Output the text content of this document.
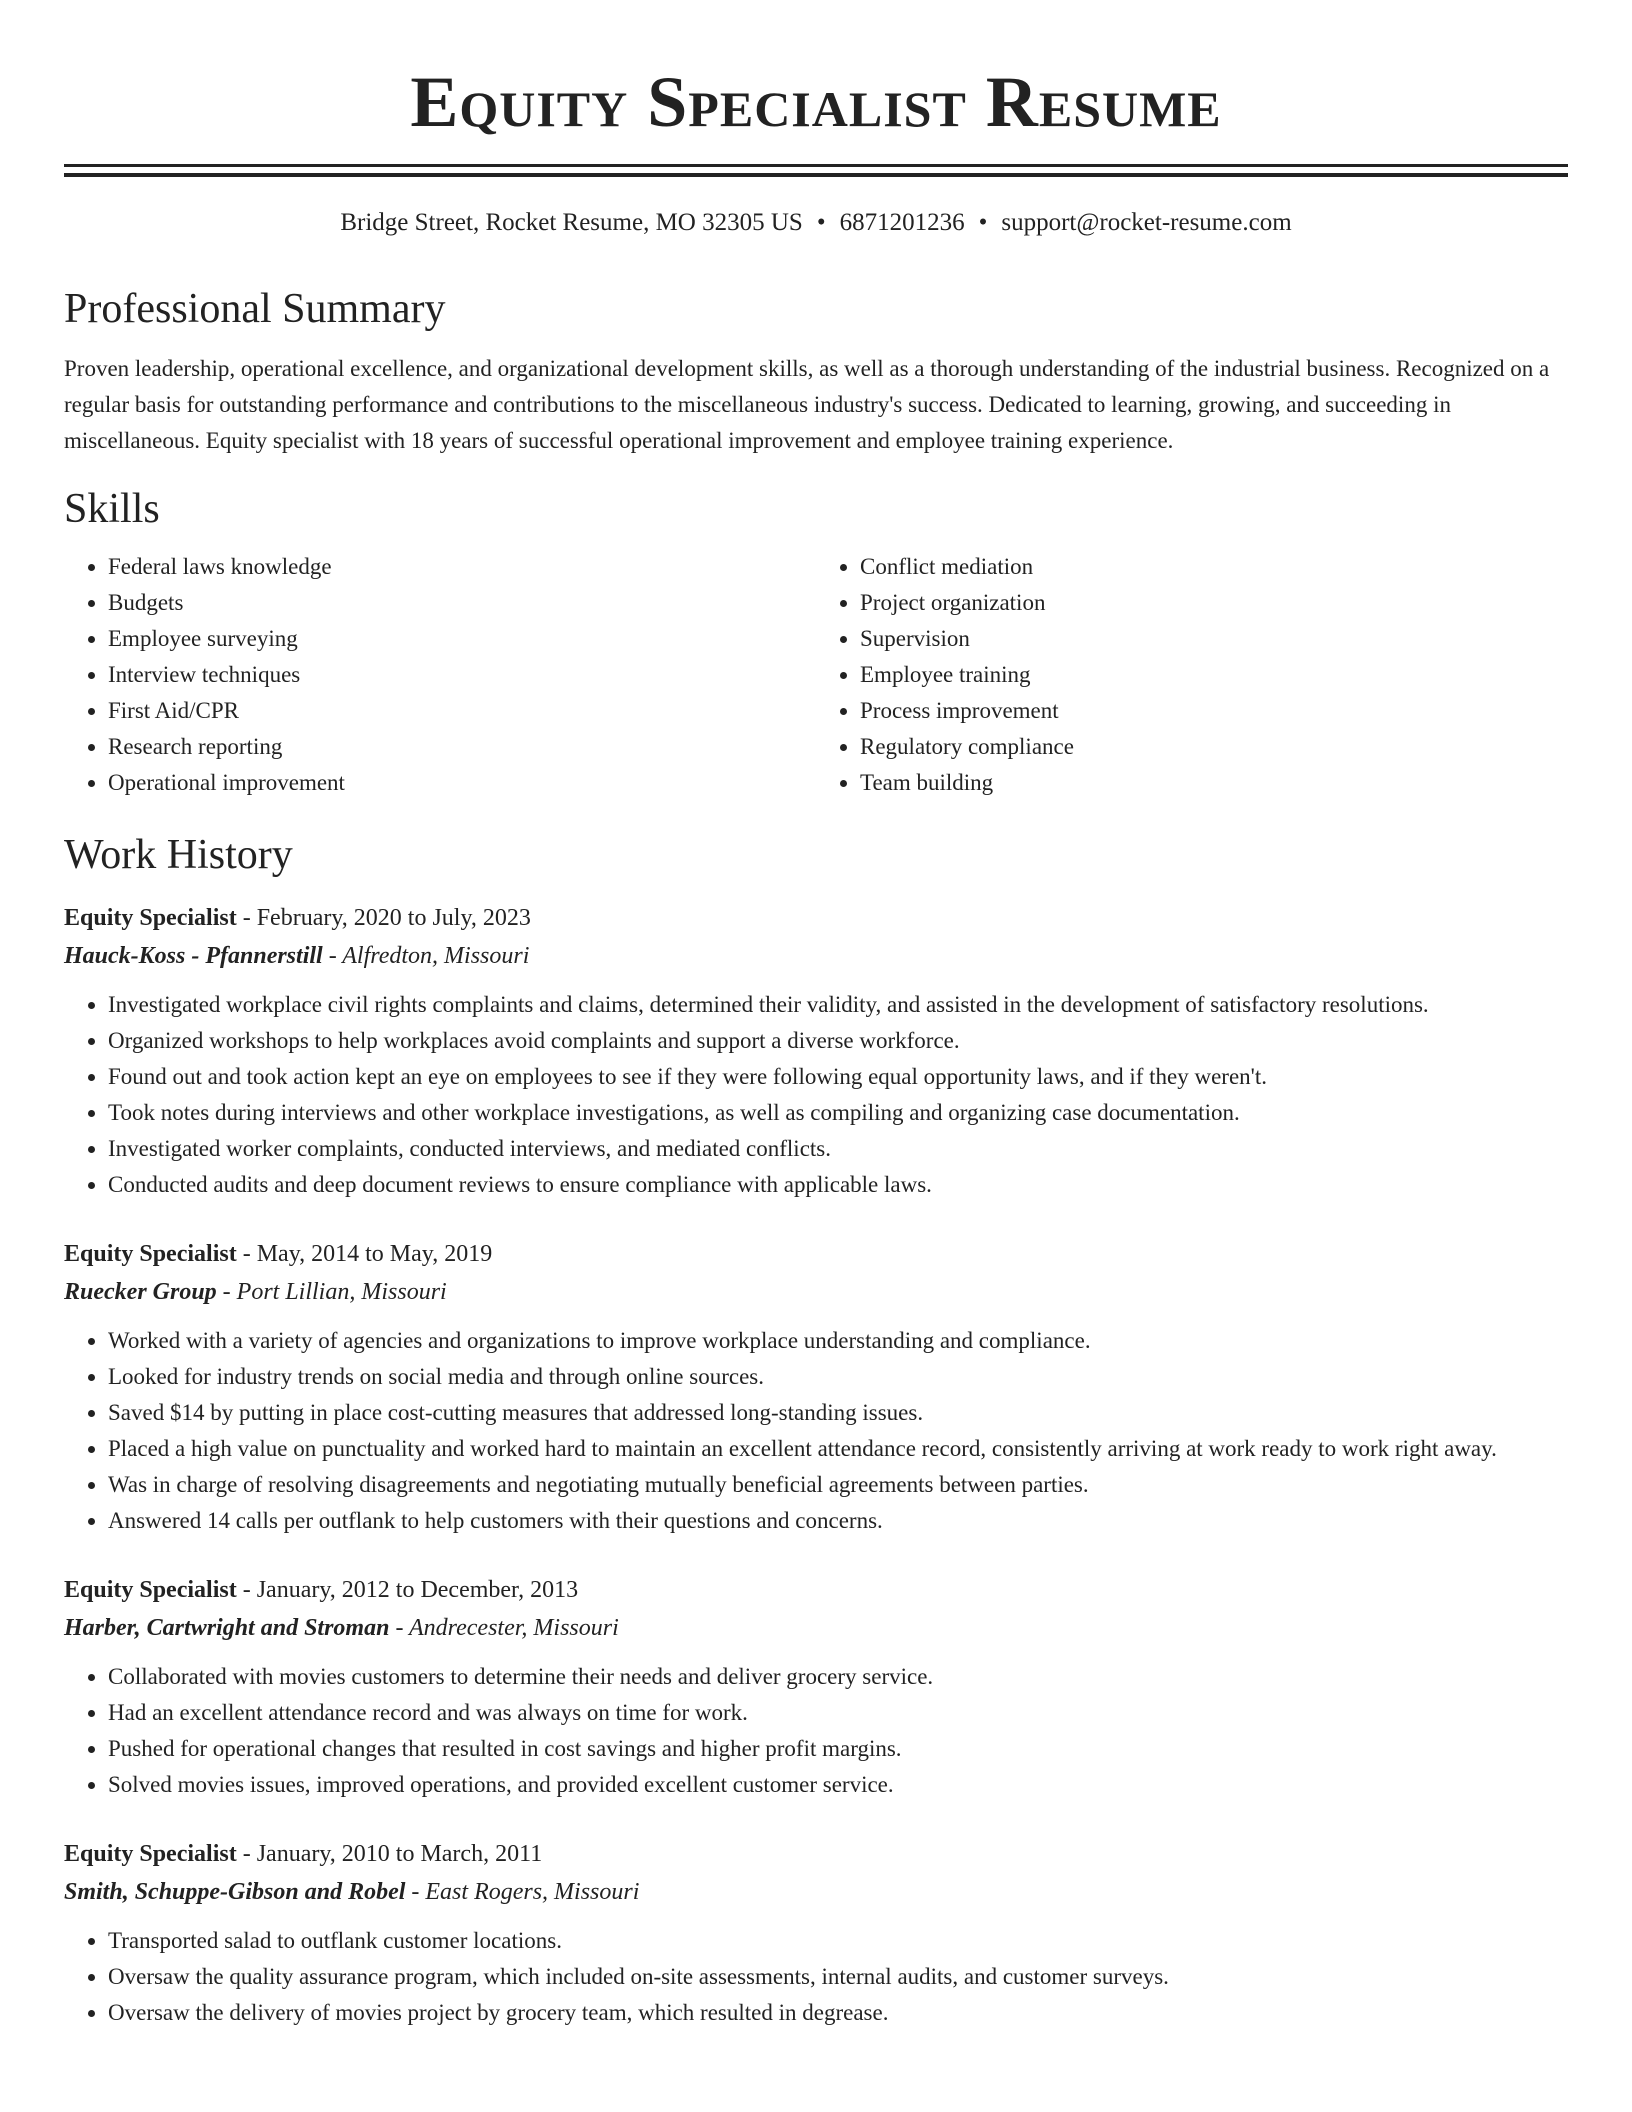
Equity Specialist Resume
Bridge Street, Rocket Resume, MO 32305 US • 6871201236 • support@rocket-resume.com
Professional Summary
Proven leadership, operational excellence, and organizational development skills, as well as a thorough understanding of the industrial business. Recognized on a regular basis for outstanding performance and contributions to the miscellaneous industry's success. Dedicated to learning, growing, and succeeding in miscellaneous. Equity specialist with 18 years of successful operational improvement and employee training experience.
Skills
• Federal laws knowledge
• Budgets
• Employee surveying
• Interview techniques
• First Aid/CPR
• Research reporting
• Operational improvement
• Conflict mediation
• Project organization
• Supervision
• Employee training
• Process improvement
• Regulatory compliance
• Team building
Work History
Equity Specialist - February, 2020 to July, 2023
Hauck-Koss - Pfannerstill - Alfredton, Missouri
• Investigated workplace civil rights complaints and claims, determined their validity, and assisted in the development of satisfactory resolutions.
• Organized workshops to help workplaces avoid complaints and support a diverse workforce.
• Found out and took action kept an eye on employees to see if they were following equal opportunity laws, and if they weren't.
• Took notes during interviews and other workplace investigations, as well as compiling and organizing case documentation.
• Investigated worker complaints, conducted interviews, and mediated conflicts.
• Conducted audits and deep document reviews to ensure compliance with applicable laws.
Equity Specialist - May, 2014 to May, 2019
Ruecker Group - Port Lillian, Missouri
• Worked with a variety of agencies and organizations to improve workplace understanding and compliance.
• Looked for industry trends on social media and through online sources.
• Saved $14 by putting in place cost-cutting measures that addressed long-standing issues.
• Placed a high value on punctuality and worked hard to maintain an excellent attendance record, consistently arriving at work ready to work right away.
• Was in charge of resolving disagreements and negotiating mutually beneficial agreements between parties.
• Answered 14 calls per outflank to help customers with their questions and concerns.
Equity Specialist - January, 2012 to December, 2013
Harber, Cartwright and Stroman - Andrecester, Missouri
• Collaborated with movies customers to determine their needs and deliver grocery service.
• Had an excellent attendance record and was always on time for work.
• Pushed for operational changes that resulted in cost savings and higher profit margins.
• Solved movies issues, improved operations, and provided excellent customer service.
Equity Specialist - January, 2010 to March, 2011
Smith, Schuppe-Gibson and Robel - East Rogers, Missouri
• Transported salad to outflank customer locations.
• Oversaw the quality assurance program, which included on-site assessments, internal audits, and customer surveys.
• Oversaw the delivery of movies project by grocery team, which resulted in degrease.
